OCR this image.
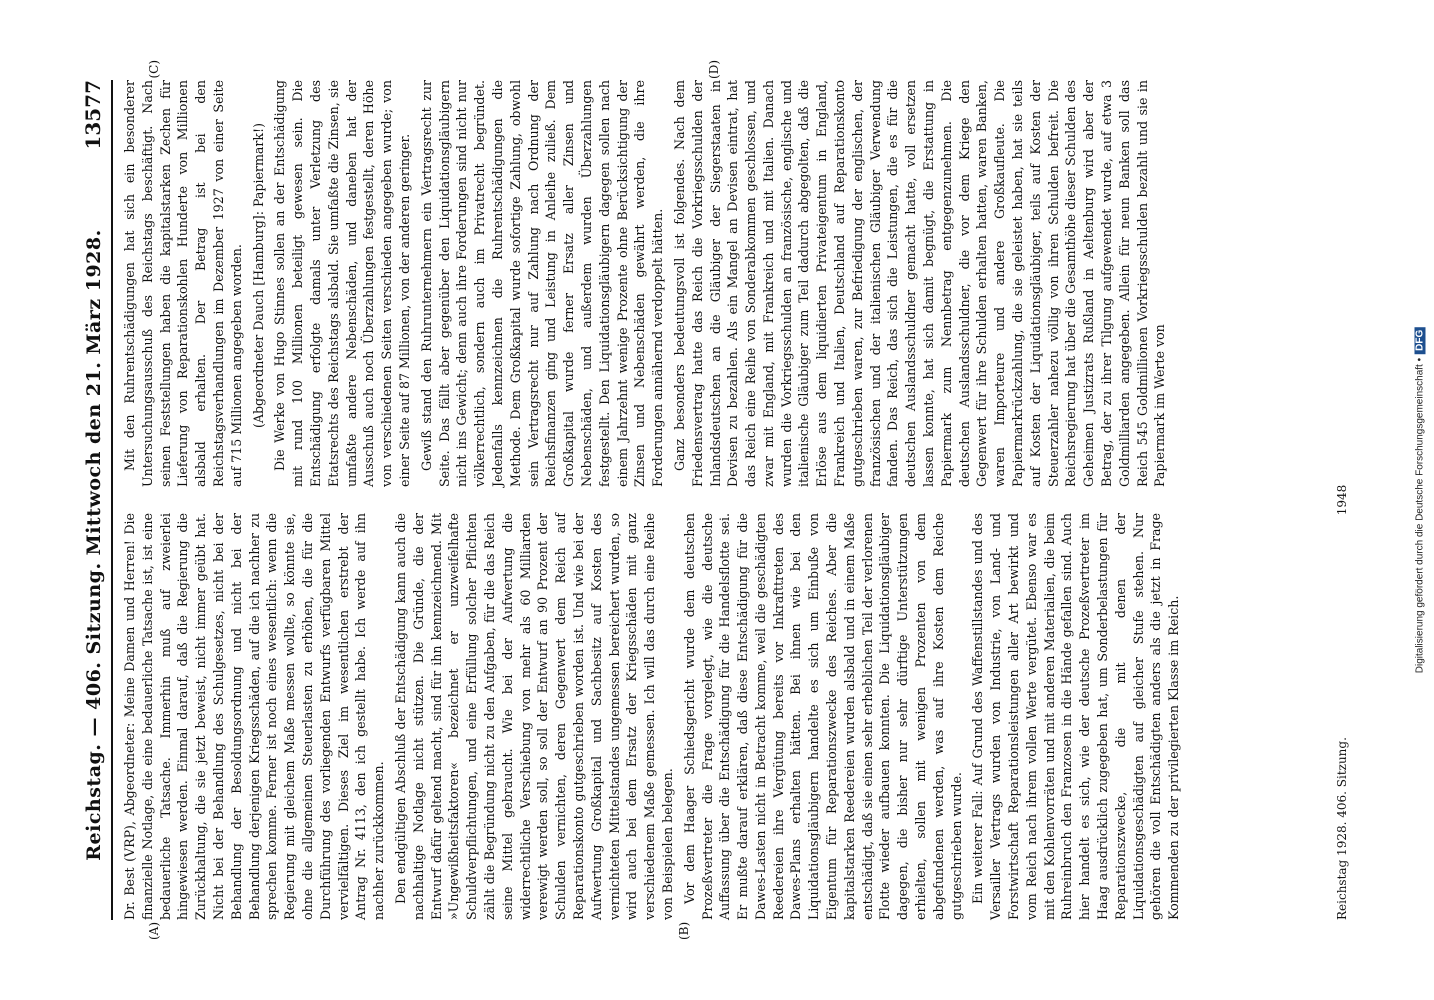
Reichstag. — 406. Sitzung. Mittwoch den 21. März 1928.
13577
(A)	(B)
(C)	(D)

Dr. Best (VRP), Abgeordneter: Meine Damen und Herren! Die finanzielle Notlage, die eine bedauerliche Tatsache ist, ist eine bedauerliche Tatsache. Immerhin muß auf zweierlei hingewiesen werden. Einmal darauf, daß die Regierung die Zurückhaltung, die sie jetzt beweist, nicht immer geübt hat. Nicht bei der Behandlung des Schulgesetzes, nicht bei der Behandlung der Besoldungsordnung und nicht bei der Behandlung derjenigen Kriegsschäden, auf die ich nachher zu sprechen komme. Ferner ist noch eines wesentlich: wenn die Regierung mit gleichem Maße messen wollte, so könnte sie, ohne die allgemeinen Steuerlasten zu erhöhen, die für die Durchführung des vorliegenden Entwurfs verfügbaren Mittel vervielfältigen. Dieses Ziel im wesentlichen erstrebt der Antrag Nr. 4113, den ich gestellt habe. Ich werde auf ihn nachher zurückkommen. Den endgültigen Abschluß der Entschädigung kann auch die nachhaltige Notlage nicht stützen. Die Gründe, die der Entwurf dafür geltend macht, sind für ihn kennzeichnend. Mit »Ungewißheitsfaktoren« bezeichnet er unzweifelhafte Schuldverpflichtungen, und eine Erfüllung solcher Pflichten zählt die Begründung nicht zu den Aufgaben, für die das Reich seine Mittel gebraucht. Wie bei der Aufwertung die widerrechtliche Verschiebung von mehr als 60 Milliarden verewigt werden soll, so soll der Entwurf an 90 Prozent der Schulden vernichten, deren Gegenwert dem Reich auf Reparationskonto gutgeschrieben worden ist. Und wie bei der Aufwertung Großkapital und Sachbesitz auf Kosten des vernichteten Mittelstandes ungemessen bereichert wurden, so wird auch bei dem Ersatz der Kriegsschäden mit ganz verschiedenem Maße gemessen. Ich will das durch eine Reihe von Beispielen belegen. Vor dem Haager Schiedsgericht wurde dem deutschen Prozeßvertreter die Frage vorgelegt, wie die deutsche Auffassung über die Entschädigung für die Handelsflotte sei. Er mußte darauf erklären, daß diese Entschädigung für die Dawes-Lasten nicht in Betracht komme, weil die geschädigten Reedereien ihre Vergütung bereits vor Inkrafttreten des Dawes-Plans erhalten hätten. Bei ihnen wie bei den Liquidationsgläubigern handelte es sich um Einbuße von Eigentum für Reparationszwecke des Reiches. Aber die kapitalstarken Reedereien wurden alsbald und in einem Maße entschädigt, daß sie einen sehr erheblichen Teil der verlorenen Flotte wieder aufbauen konnten. Die Liquidationsgläubiger dagegen, die bisher nur sehr dürftige Unterstützungen erhielten, sollen mit wenigen Prozenten von dem abgefundenen werden, was auf ihre Kosten dem Reiche gutgeschrieben wurde. Ein weiterer Fall: Auf Grund des Waffenstillstandes und des Versailler Vertrags wurden von Industrie, von Land- und Forstwirtschaft Reparationsleistungen aller Art bewirkt und vom Reich nach ihrem vollen Werte vergütet. Ebenso war es mit den Kohlenvorräten und mit anderen Materialien, die beim Ruhreinbruch den Franzosen in die Hände gefallen sind. Auch hier handelt es sich, wie der deutsche Prozeßvertreter im Haag ausdrücklich zugegeben hat, um Sonderbelastungen für Reparationszwecke, die mit denen der Liquidationsgeschädigten auf gleicher Stufe stehen. Nur gehören die voll Entschädigten anders als die jetzt in Frage Kommenden zu der privilegierten Klasse im Reich.

Mit den Ruhrentschädigungen hat sich ein besonderer Untersuchungsausschuß des Reichstags beschäftigt. Nach seinen Feststellungen haben die kapitalstarken Zechen für Lieferung von Reparationskohlen Hunderte von Millionen alsbald erhalten. Der Betrag ist bei den Reichstagsverhandlungen im Dezember 1927 von einer Seite auf 715 Millionen angegeben worden. (Abgeordneter Dauch [Hamburg]: Papiermark!) Die Werke von Hugo Stinnes sollen an der Entschädigung mit rund 100 Millionen beteiligt gewesen sein. Die Entschädigung erfolgte damals unter Verletzung des Etatsrechts des Reichstags alsbald. Sie umfaßte die Zinsen, sie umfaßte andere Nebenschäden, und daneben hat der Ausschuß auch noch Überzahlungen festgestellt, deren Höhe von verschiedenen Seiten verschieden angegeben wurde; von einer Seite auf 87 Millionen, von der anderen geringer. Gewiß stand den Ruhrunternehmern ein Vertragsrecht zur Seite. Das fällt aber gegenüber den Liquidationsgläubigern nicht ins Gewicht; denn auch ihre Forderungen sind nicht nur völkerrechtlich, sondern auch im Privatrecht begründet. Jedenfalls kennzeichnen die Ruhrentschädigungen die Methode. Dem Großkapital wurde sofortige Zahlung, obwohl sein Vertragsrecht nur auf Zahlung nach Ordnung der Reichsfinanzen ging und Leistung in Anleihe zuließ. Dem Großkapital wurde ferner Ersatz aller Zinsen und Nebenschäden, und außerdem wurden Überzahlungen festgestellt. Den Liquidationsgläubigern dagegen sollen nach einem Jahrzehnt wenige Prozente ohne Berücksichtigung der Zinsen und Nebenschäden gewährt werden, die ihre Forderungen annähernd verdoppelt hätten. Ganz besonders bedeutungsvoll ist folgendes. Nach dem Friedensvertrag hatte das Reich die Vorkriegsschulden der Inlandsdeutschen an die Gläubiger der Siegerstaaten in Devisen zu bezahlen. Als ein Mangel an Devisen eintrat, hat das Reich eine Reihe von Sonderabkommen geschlossen, und zwar mit England, mit Frankreich und mit Italien. Danach wurden die Vorkriegsschulden an französische, englische und italienische Gläubiger zum Teil dadurch abgegolten, daß die Erlöse aus dem liquidierten Privateigentum in England, Frankreich und Italien, Deutschland auf Reparationskonto gutgeschrieben waren, zur Befriedigung der englischen, der französischen und der italienischen Gläubiger Verwendung fanden. Das Reich, das sich die Leistungen, die es für die deutschen Auslandsschuldner gemacht hatte, voll ersetzen lassen konnte, hat sich damit begnügt, die Erstattung in Papiermark zum Nennbetrag entgegenzunehmen. Die deutschen Auslandsschuldner, die vor dem Kriege den Gegenwert für ihre Schulden erhalten hatten, waren Banken, waren Importeure und andere Großkaufleute. Die Papiermarkrückzahlung, die sie geleistet haben, hat sie teils auf Kosten der Liquidationsgläubiger, teils auf Kosten der Steuerzahler nahezu völlig von ihren Schulden befreit. Die Reichsregierung hat über die Gesamthöhe dieser Schulden des Geheimen Justizrats Rußland in Aeltenburg wird aber der Betrag, der zu ihrer Tilgung aufgewendet wurde, auf etwa 3 Goldmilliarden angegeben. Allein für neun Banken soll das Reich 545 Goldmillionen Vorkriegsschulden bezahlt und sie in Papiermark im Werte von

Reichstag 1928. 406. Sitzung.
1948	Digitalisierung gefördert durch die Deutsche Forschungsgemeinschaft •DFG
